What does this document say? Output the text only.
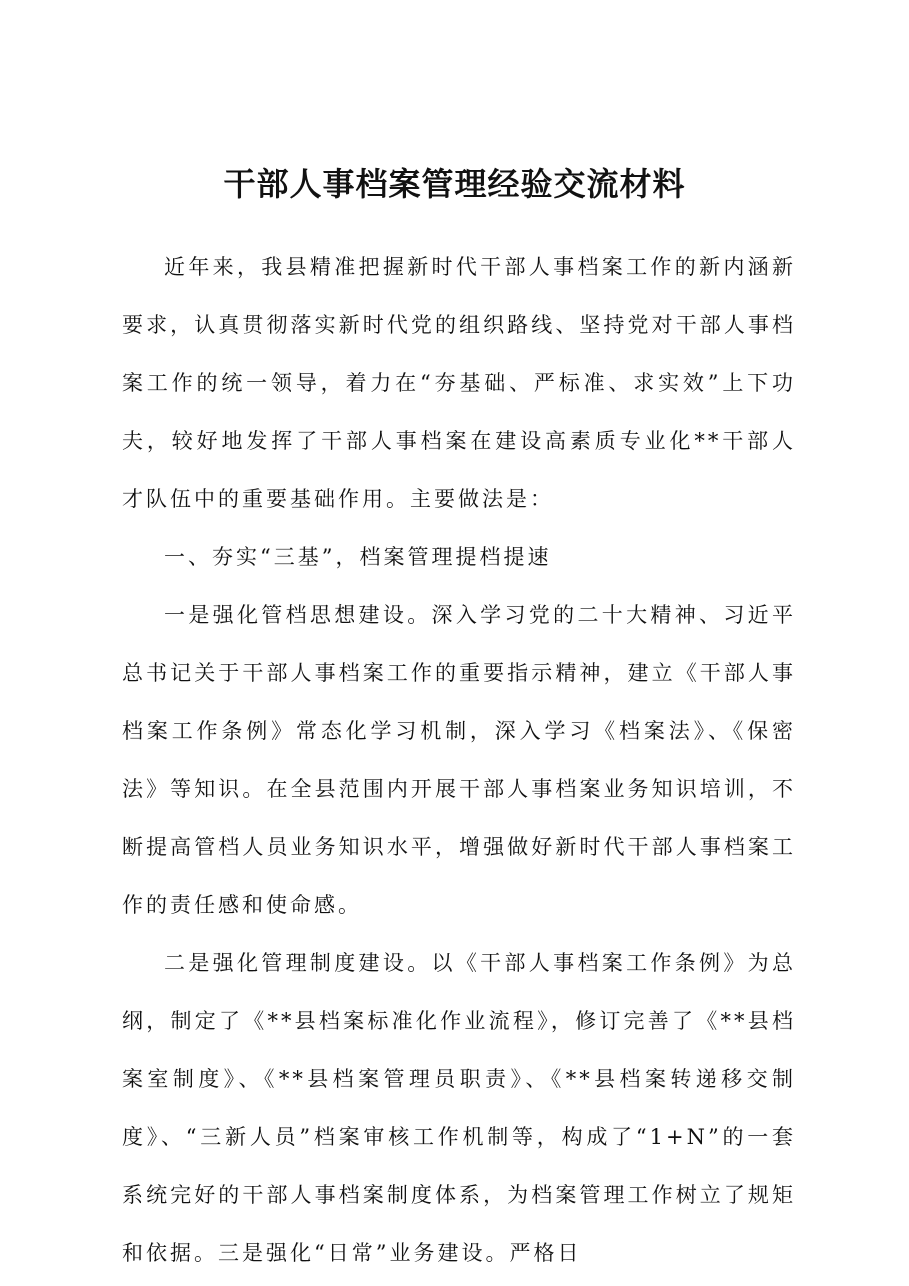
干部人事档案管理经验交流材料

近年来，我县精准把握新时代干部人事档案工作的新内涵新要求，认真贯彻落实新时代党的组织路线、坚持党对干部人事档案工作的统一领导，着力在“夯基础、严标准、求实效”上下功夫，较好地发挥了干部人事档案在建设高素质专业化**干部人才队伍中的重要基础作用。主要做法是：

一、夯实“三基”，档案管理提档提速

一是强化管档思想建设。深入学习党的二十大精神、习近平总书记关于干部人事档案工作的重要指示精神，建立《干部人事档案工作条例》常态化学习机制，深入学习《档案法》、《保密法》等知识。在全县范围内开展干部人事档案业务知识培训，不断提高管档人员业务知识水平，增强做好新时代干部人事档案工作的责任感和使命感。

二是强化管理制度建设。以《干部人事档案工作条例》为总纲，制定了《**县档案标准化作业流程》，修订完善了《**县档案室制度》、《**县档案管理员职责》、《**县档案转递移交制度》、“三新人员”档案审核工作机制等，构成了“1+N”的一套系统完好的干部人事档案制度体系，为档案管理工作树立了规矩和依据。三是强化“日常”业务建设。严格日
